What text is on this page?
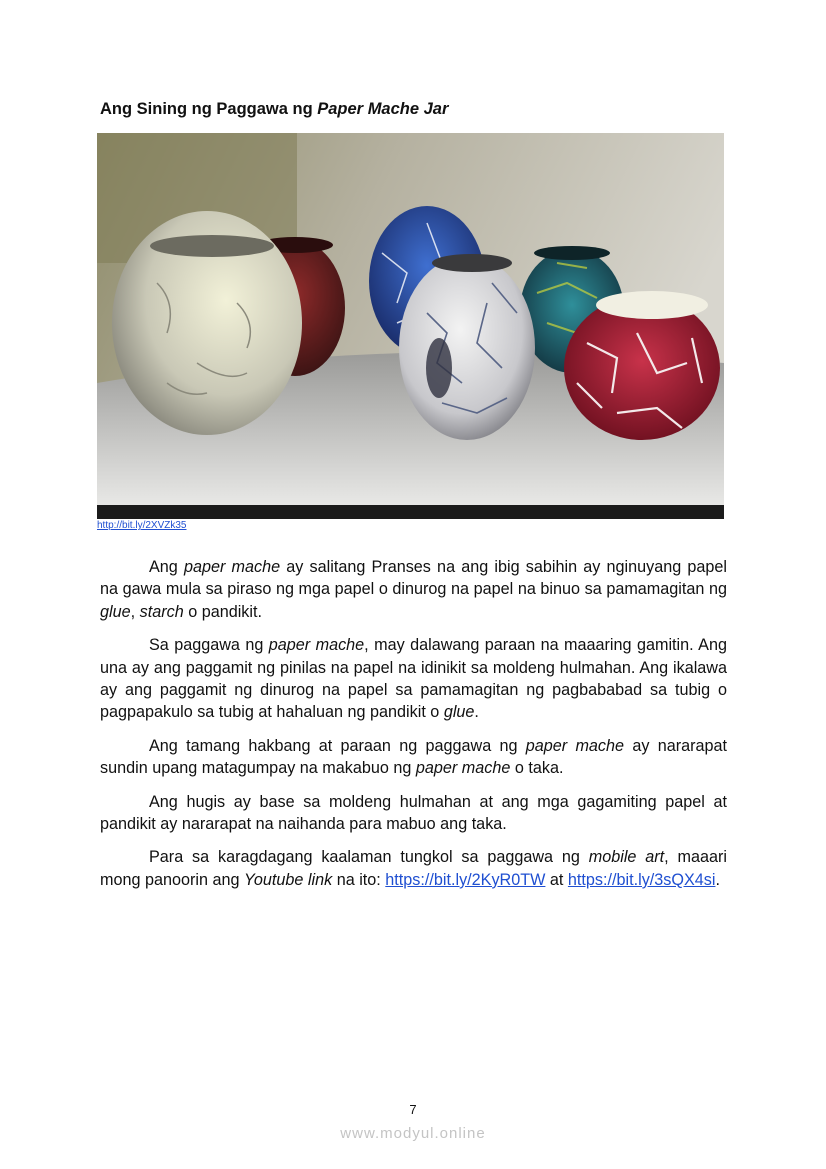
Ang Sining ng Paggawa ng Paper Mache Jar
http://bit.ly/2XVZk35

Ang paper mache ay salitang Pranses na ang ibig sabihin ay nginuyang papel na gawa mula sa piraso ng mga papel o dinurog na papel na binuo sa pamamagitan ng glue, starch o pandikit.

Sa paggawa ng paper mache, may dalawang paraan na maaaring gamitin. Ang una ay ang paggamit ng pinilas na papel na idinikit sa moldeng hulmahan. Ang ikalawa ay ang paggamit ng dinurog na papel sa pamamagitan ng pagbababad sa tubig o pagpapakulo sa tubig at hahaluan ng pandikit o glue.

Ang tamang hakbang at paraan ng paggawa ng paper mache ay nararapat sundin upang matagumpay na makabuo ng paper mache o taka.

Ang hugis ay base sa moldeng hulmahan at ang mga gagamiting papel at pandikit ay nararapat na naihanda para mabuo ang taka.

Para sa karagdagang kaalaman tungkol sa paggawa ng mobile art, maaari mong panoorin ang Youtube link na ito: https://bit.ly/2KyR0TW at https://bit.ly/3sQX4si.

7
www.modyul.online
